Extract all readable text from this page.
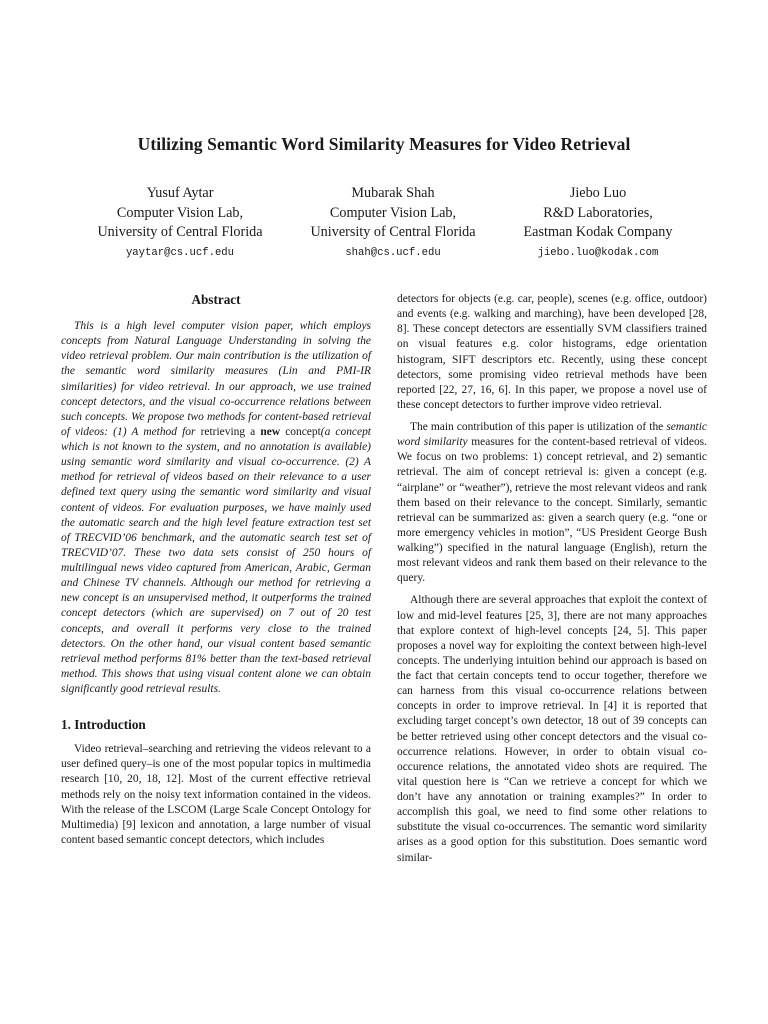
Utilizing Semantic Word Similarity Measures for Video Retrieval
Yusuf Aytar
Computer Vision Lab,
University of Central Florida
yaytar@cs.ucf.edu
Mubarak Shah
Computer Vision Lab,
University of Central Florida
shah@cs.ucf.edu
Jiebo Luo
R&D Laboratories,
Eastman Kodak Company
jiebo.luo@kodak.com
Abstract

This is a high level computer vision paper, which employs concepts from Natural Language Understanding in solving the video retrieval problem. Our main contribution is the utilization of the semantic word similarity measures (Lin and PMI-IR similarities) for video retrieval. In our approach, we use trained concept detectors, and the visual co-occurrence relations between such concepts. We propose two methods for content-based retrieval of videos: (1) A method for retrieving a new concept(a concept which is not known to the system, and no annotation is available) using semantic word similarity and visual co-occurrence. (2) A method for retrieval of videos based on their relevance to a user defined text query using the semantic word similarity and visual content of videos. For evaluation purposes, we have mainly used the automatic search and the high level feature extraction test set of TRECVID’06 benchmark, and the automatic search test set of TRECVID’07. These two data sets consist of 250 hours of multilingual news video captured from American, Arabic, German and Chinese TV channels. Although our method for retrieving a new concept is an unsupervised method, it outperforms the trained concept detectors (which are supervised) on 7 out of 20 test concepts, and overall it performs very close to the trained detectors. On the other hand, our visual content based semantic retrieval method performs 81% better than the text-based retrieval method. This shows that using visual content alone we can obtain significantly good retrieval results.

1. Introduction

Video retrieval–searching and retrieving the videos relevant to a user defined query–is one of the most popular topics in multimedia research [10, 20, 18, 12]. Most of the current effective retrieval methods rely on the noisy text information contained in the videos. With the release of the LSCOM (Large Scale Concept Ontology for Multimedia) [9] lexicon and annotation, a large number of visual content based semantic concept detectors, which includes

detectors for objects (e.g. car, people), scenes (e.g. office, outdoor) and events (e.g. walking and marching), have been developed [28, 8]. These concept detectors are essentially SVM classifiers trained on visual features e.g. color histograms, edge orientation histogram, SIFT descriptors etc. Recently, using these concept detectors, some promising video retrieval methods have been reported [22, 27, 16, 6]. In this paper, we propose a novel use of these concept detectors to further improve video retrieval.

The main contribution of this paper is utilization of the semantic word similarity measures for the content-based retrieval of videos. We focus on two problems: 1) concept retrieval, and 2) semantic retrieval. The aim of concept retrieval is: given a concept (e.g. “airplane” or “weather”), retrieve the most relevant videos and rank them based on their relevance to the concept. Similarly, semantic retrieval can be summarized as: given a search query (e.g. “one or more emergency vehicles in motion”, “US President George Bush walking”) specified in the natural language (English), return the most relevant videos and rank them based on their relevance to the query.

Although there are several approaches that exploit the context of low and mid-level features [25, 3], there are not many approaches that explore context of high-level concepts [24, 5]. This paper proposes a novel way for exploiting the context between high-level concepts. The underlying intuition behind our approach is based on the fact that certain concepts tend to occur together, therefore we can harness from this visual co-occurrence relations between concepts in order to improve retrieval. In [4] it is reported that excluding target concept’s own detector, 18 out of 39 concepts can be better retrieved using other concept detectors and the visual co-occurrence relations. However, in order to obtain visual co-occurence relations, the annotated video shots are required. The vital question here is “Can we retrieve a concept for which we don’t have any annotation or training examples?” In order to accomplish this goal, we need to find some other relations to substitute the visual co-occurrences. The semantic word similarity arises as a good option for this substitution. Does semantic word similar-
